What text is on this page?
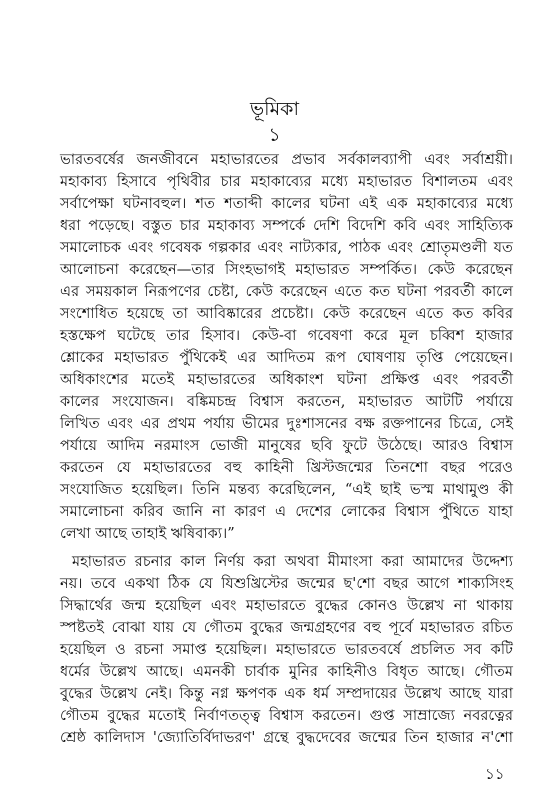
ভূমিকা
১
ভারতবর্ষের জনজীবনে মহাভারতের প্রভাব সর্বকালব্যাপী এবং সর্বাশ্রয়ী।
মহাকাব্য হিসাবে পৃথিবীর চার মহাকাব্যের মধ্যে মহাভারত বিশালতম এবং
সর্বাপেক্ষা ঘটনাবহুল। শত শতাব্দী কালের ঘটনা এই এক মহাকাব্যের মধ্যে
ধরা পড়েছে। বস্তুত চার মহাকাব্য সম্পর্কে দেশি বিদেশি কবি এবং সাহিত্যিক
সমালোচক এবং গবেষক গল্পকার এবং নাট্যকার, পাঠক এবং শ্রোতৃমণ্ডলী যত
আলোচনা করেছেন—তার সিংহভাগই মহাভারত সম্পর্কিত। কেউ করেছেন
এর সময়কাল নিরূপণের চেষ্টা, কেউ করেছেন এতে কত ঘটনা পরবর্তী কালে
সংশোধিত হয়েছে তা আবিষ্কারের প্রচেষ্টা। কেউ করেছেন এতে কত কবির
হস্তক্ষেপ ঘটেছে তার হিসাব। কেউ-বা গবেষণা করে মূল চব্বিশ হাজার
শ্লোকের মহাভারত পুঁথিকেই এর আদিতম রূপ ঘোষণায় তৃপ্তি পেয়েছেন।
অধিকাংশের মতেই মহাভারতের অধিকাংশ ঘটনা প্রক্ষিপ্ত এবং পরবর্তী
কালের সংযোজন। বঙ্কিমচন্দ্র বিশ্বাস করতেন, মহাভারত আটটি পর্যায়ে
লিখিত এবং এর প্রথম পর্যায় ভীমের দুঃশাসনের বক্ষ রক্তপানের চিত্রে, সেই
পর্যায়ে আদিম নরমাংস ভোজী মানুষের ছবি ফুটে উঠেছে। আরও বিশ্বাস
করতেন যে মহাভারতের বহু কাহিনী খ্রিস্টজন্মের তিনশো বছর পরেও
সংযোজিত হয়েছিল। তিনি মন্তব্য করেছিলেন, “এই ছাই ভস্ম মাথামুণ্ড কী
সমালোচনা করিব জানি না কারণ এ দেশের লোকের বিশ্বাস পুঁথিতে যাহা
লেখা আছে তাহাই ঋষিবাক্য।”
মহাভারত রচনার কাল নির্ণয় করা অথবা মীমাংসা করা আমাদের উদ্দেশ্য
নয়। তবে একথা ঠিক যে যিশুখ্রিস্টের জন্মের ছ'শো বছর আগে শাক্যসিংহ
সিদ্ধার্থের জন্ম হয়েছিল এবং মহাভারতে বুদ্ধের কোনও উল্লেখ না থাকায়
স্পষ্টতই বোঝা যায় যে গৌতম বুদ্ধের জন্মগ্রহণের বহু পূর্বে মহাভারত রচিত
হয়েছিল ও রচনা সমাপ্ত হয়েছিল। মহাভারতে ভারতবর্ষে প্রচলিত সব কটি
ধর্মের উল্লেখ আছে। এমনকী চার্বাক মুনির কাহিনীও বিধৃত আছে। গৌতম
বুদ্ধের উল্লেখ নেই। কিন্তু নগ্ন ক্ষপণক এক ধর্ম সম্প্রদায়ের উল্লেখ আছে যারা
গৌতম বুদ্ধের মতোই নির্বাণতত্ত্ব বিশ্বাস করতেন। গুপ্ত সাম্রাজ্যে নবরত্নের
শ্রেষ্ঠ কালিদাস 'জ্যোতির্বিদাভরণ' গ্রন্থে বুদ্ধদেবের জন্মের তিন হাজার ন'শো
১১
